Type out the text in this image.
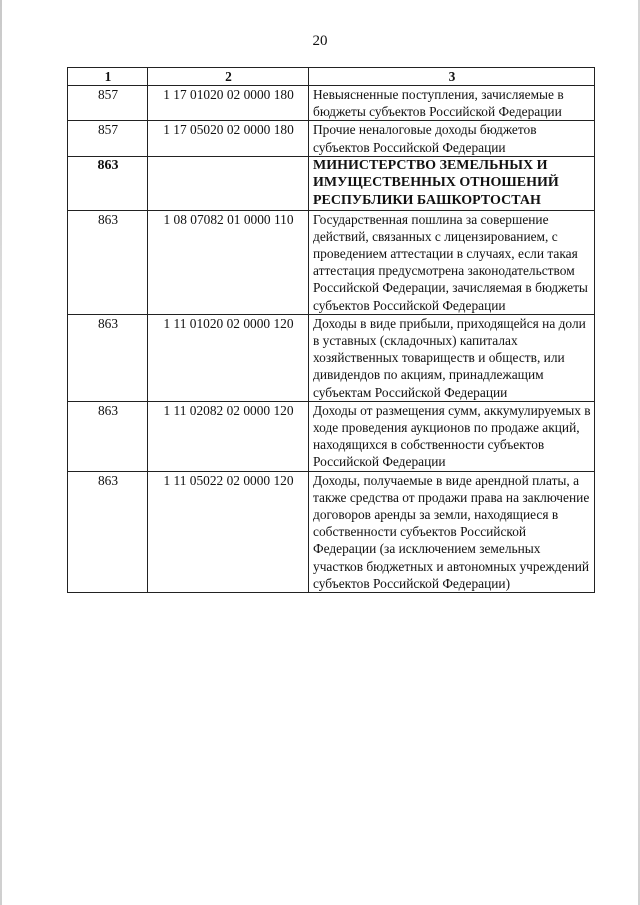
20
1	2	3
857	1 17 01020 02 0000 180	Невыясненные поступления, зачисляемые в бюджеты субъектов Российской Федерации
857	1 17 05020 02 0000 180	Прочие неналоговые доходы бюджетов субъектов Российской Федерации
863		МИНИСТЕРСТВО ЗЕМЕЛЬНЫХ И ИМУЩЕСТВЕННЫХ ОТНОШЕНИЙ РЕСПУБЛИКИ БАШКОРТОСТАН
863	1 08 07082 01 0000 110	Государственная пошлина за совершение действий, связанных с лицензированием, с проведением аттестации в случаях, если такая аттестация предусмотрена законодательством Российской Федерации, зачисляемая в бюджеты субъектов Российской Федерации
863	1 11 01020 02 0000 120	Доходы в виде прибыли, приходящейся на доли в уставных (складочных) капиталах хозяйственных товариществ и обществ, или дивидендов по акциям, принадлежащим субъектам Российской Федерации
863	1 11 02082 02 0000 120	Доходы от размещения сумм, аккумулируемых в ходе проведения аукционов по продаже акций, находящихся в собственности субъектов Российской Федерации
863	1 11 05022 02 0000 120	Доходы, получаемые в виде арендной платы, а также средства от продажи права на заключение договоров аренды за земли, находящиеся в собственности субъектов Российской Федерации (за исключением земельных участков бюджетных и автономных учреждений субъектов Российской Федерации)
